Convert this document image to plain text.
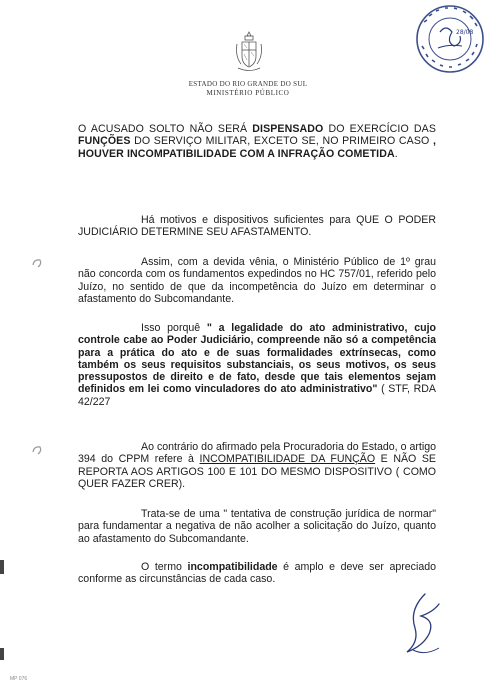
ESTADO DO RIO GRANDE DO SUL
MINISTÉRIO PÚBLICO
28/08

O ACUSADO SOLTO NÃO SERÁ DISPENSADO DO EXERCÍCIO DAS FUNÇÕES DO SERVIÇO MILITAR, EXCETO SE, NO PRIMEIRO CASO , HOUVER INCOMPATIBILIDADE COM A INFRAÇÃO COMETIDA.

Há motivos e dispositivos suficientes para QUE O PODER JUDICIÁRIO DETERMINE SEU AFASTAMENTO.

Assim, com a devida vênia, o Ministério Público de 1º grau não concorda com os fundamentos expedindos no HC 757/01, referido pelo Juízo, no sentido de que da incompetência do Juízo em determinar o afastamento do Subcomandante.

Isso porquê " a legalidade do ato administrativo, cujo controle cabe ao Poder Judiciário, compreende não só a competência para a prática do ato e de suas formalidades extrínsecas, como também os seus requisitos substanciais, os seus motivos, os seus pressupostos de direito e de fato, desde que tais elementos sejam definidos em lei como vinculadores do ato administrativo" ( STF, RDA 42/227

Ao contrário do afirmado pela Procuradoria do Estado, o artigo 394 do CPPM refere à INCOMPATIBILIDADE DA FUNÇÃO E NÃO SE REPORTA AOS ARTIGOS 100 E 101 DO MESMO DISPOSITIVO ( COMO QUER FAZER CRER).

Trata-se de uma " tentativa de construção jurídica de normar" para fundamentar a negativa de não acolher a solicitação do Juízo, quanto ao afastamento do Subcomandante.

O termo incompatibilidade é amplo e deve ser apreciado conforme as circunstâncias de cada caso.

MP 076
